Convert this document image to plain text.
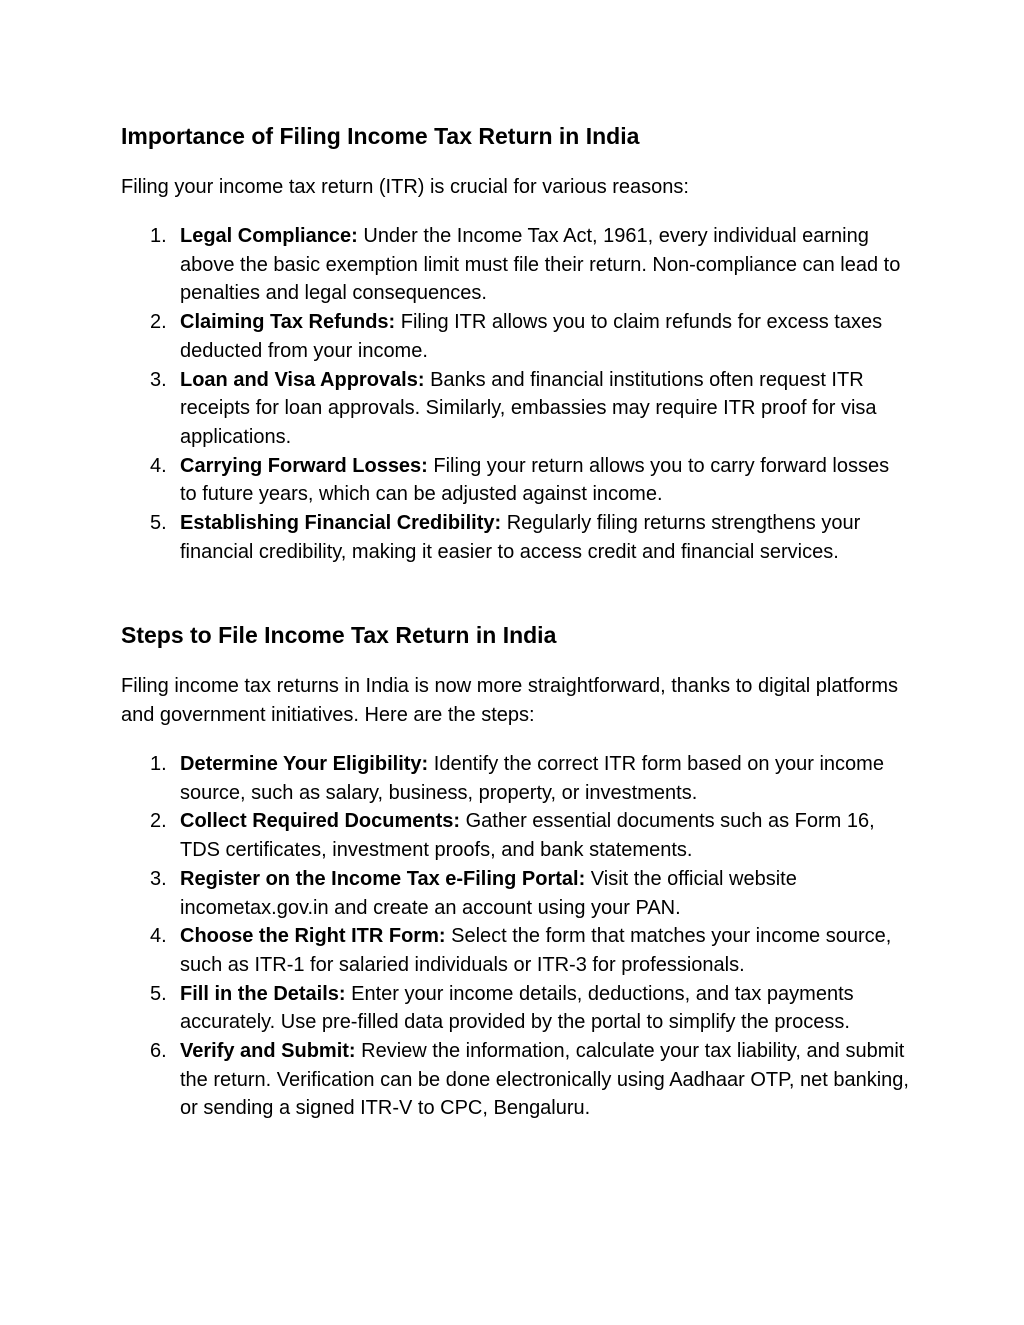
Importance of Filing Income Tax Return in India

Filing your income tax return (ITR) is crucial for various reasons:

1. Legal Compliance: Under the Income Tax Act, 1961, every individual earning above the basic exemption limit must file their return. Non-compliance can lead to penalties and legal consequences.
2. Claiming Tax Refunds: Filing ITR allows you to claim refunds for excess taxes deducted from your income.
3. Loan and Visa Approvals: Banks and financial institutions often request ITR receipts for loan approvals. Similarly, embassies may require ITR proof for visa applications.
4. Carrying Forward Losses: Filing your return allows you to carry forward losses to future years, which can be adjusted against income.
5. Establishing Financial Credibility: Regularly filing returns strengthens your financial credibility, making it easier to access credit and financial services.
Steps to File Income Tax Return in India

Filing income tax returns in India is now more straightforward, thanks to digital platforms and government initiatives. Here are the steps:

1. Determine Your Eligibility: Identify the correct ITR form based on your income source, such as salary, business, property, or investments.
2. Collect Required Documents: Gather essential documents such as Form 16, TDS certificates, investment proofs, and bank statements.
3. Register on the Income Tax e-Filing Portal: Visit the official website incometax.gov.in and create an account using your PAN.
4. Choose the Right ITR Form: Select the form that matches your income source, such as ITR-1 for salaried individuals or ITR-3 for professionals.
5. Fill in the Details: Enter your income details, deductions, and tax payments accurately. Use pre-filled data provided by the portal to simplify the process.
6. Verify and Submit: Review the information, calculate your tax liability, and submit the return. Verification can be done electronically using Aadhaar OTP, net banking, or sending a signed ITR-V to CPC, Bengaluru.
